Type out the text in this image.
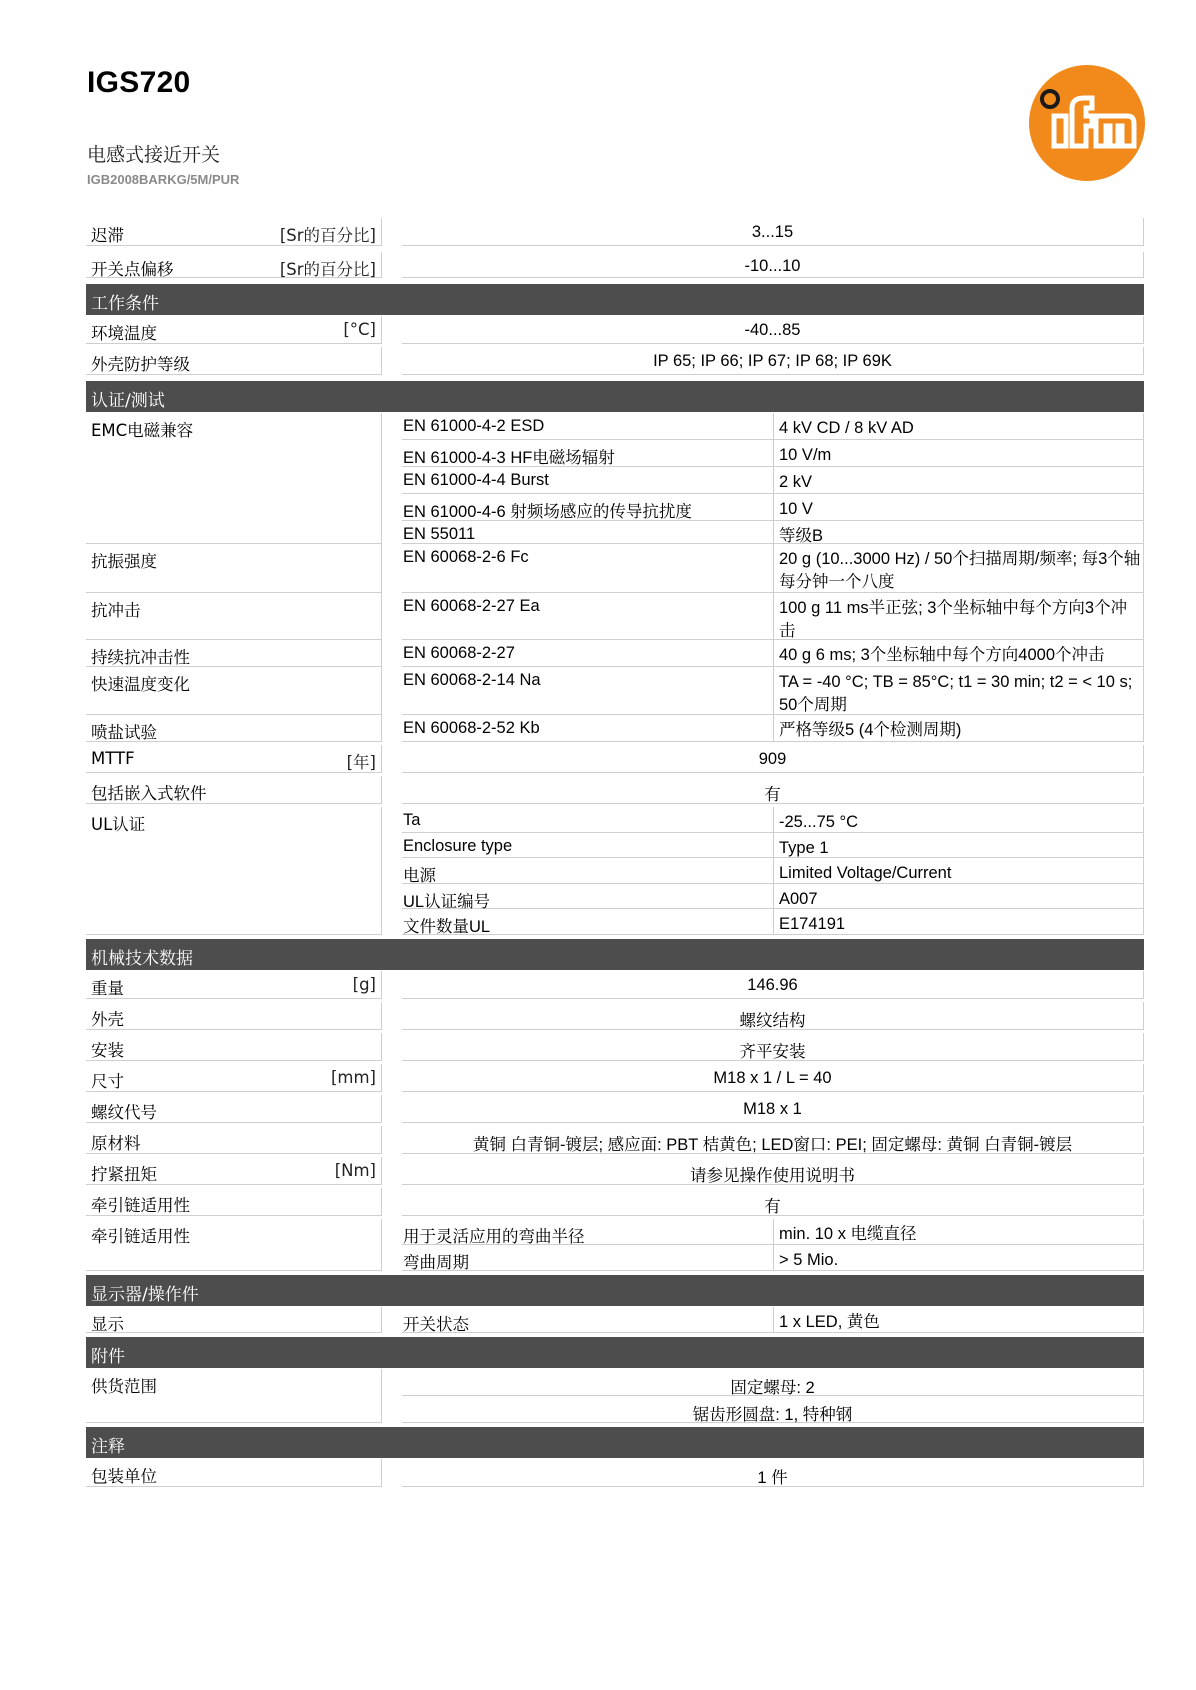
IGS720
电感式接近开关
IGB2008BARKG/5M/PUR
迟滞	[Sr的百分比]	3...15
开关点偏移	[Sr的百分比]	-10...10
工作条件
环境温度	[°C]	-40...85
外壳防护等级	IP 65; IP 66; IP 67; IP 68; IP 69K
认证/测试
EMC电磁兼容	EN 61000-4-2 ESD	4 kV CD / 8 kV AD
EN 61000-4-3 HF电磁场辐射	10 V/m
EN 61000-4-4 Burst	2 kV
EN 61000-4-6 射频场感应的传导抗扰度	10 V
EN 55011	等级B
抗振强度	EN 60068-2-6 Fc	20 g (10...3000 Hz) / 50个扫描周期/频率; 每3个轴每分钟一个八度
抗冲击	EN 60068-2-27 Ea	100 g 11 ms半正弦; 3个坐标轴中每个方向3个冲击
持续抗冲击性	EN 60068-2-27	40 g 6 ms; 3个坐标轴中每个方向4000个冲击
快速温度变化	EN 60068-2-14 Na	TA = -40 °C; TB = 85°C; t1 = 30 min; t2 = < 10 s; 50个周期
喷盐试验	EN 60068-2-52 Kb	严格等级5 (4个检测周期)
MTTF	[年]	909
包括嵌入式软件	有
UL认证	Ta	-25...75 °C
Enclosure type	Type 1
电源	Limited Voltage/Current
UL认证编号	A007
文件数量UL	E174191
机械技术数据
重量	[g]	146.96
外壳	螺纹结构
安装	齐平安装
尺寸	[mm]	M18 x 1 / L = 40
螺纹代号	M18 x 1
原材料	黄铜 白青铜-镀层; 感应面: PBT 桔黄色; LED窗口: PEI; 固定螺母: 黄铜 白青铜-镀层
拧紧扭矩	[Nm]	请参见操作使用说明书
牵引链适用性	有
牵引链适用性	用于灵活应用的弯曲半径	min. 10 x 电缆直径
弯曲周期	> 5 Mio.
显示器/操作件
显示	开关状态	1 x LED, 黄色
附件
供货范围	固定螺母: 2
锯齿形圆盘: 1, 特种钢
注释
包装单位	1 件
